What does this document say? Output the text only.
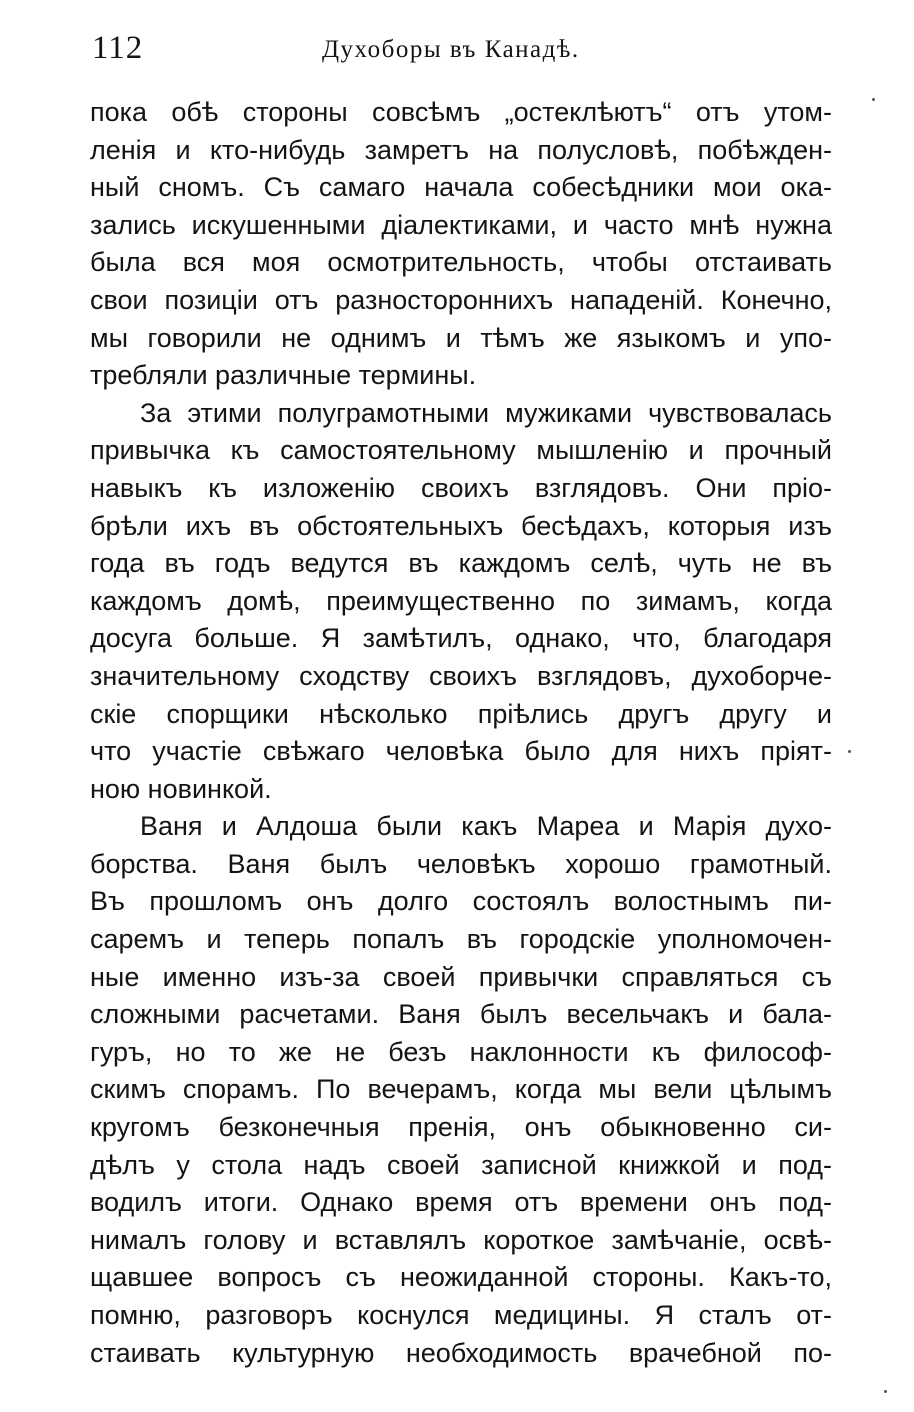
112	Духоборы въ Канадѣ.
пока обѣ стороны совсѣмъ „остеклѣютъ“ отъ утом-
ленія и кто-нибудь замретъ на полусловѣ, побѣжден-
ный сномъ. Съ самаго начала собесѣдники мои ока-
зались искушенными діалектиками, и часто мнѣ нужна
была вся моя осмотрительность, чтобы отстаивать
свои позиціи отъ разностороннихъ нападеній. Конечно,
мы говорили не однимъ и тѣмъ же языкомъ и упо-
требляли различные термины.
За этими полуграмотными мужиками чувствовалась
привычка къ самостоятельному мышленію и прочный
навыкъ къ изложенію своихъ взглядовъ. Они пріо-
брѣли ихъ въ обстоятельныхъ бесѣдахъ, которыя изъ
года въ годъ ведутся въ каждомъ селѣ, чуть не въ
каждомъ домѣ, преимущественно по зимамъ, когда
досуга больше. Я замѣтилъ, однако, что, благодаря
значительному сходству своихъ взглядовъ, духоборче-
скіе спорщики нѣсколько пріѣлись другъ другу и
что участіе свѣжаго человѣка было для нихъ пріят-
ною новинкой.
Ваня и Алдоша были какъ Мареа и Марія духо-
борства. Ваня былъ человѣкъ хорошо грамотный.
Въ прошломъ онъ долго состоялъ волостнымъ пи-
саремъ и теперь попалъ въ городскіе уполномочен-
ные именно изъ-за своей привычки справляться съ
сложными расчетами. Ваня былъ весельчакъ и бала-
гуръ, но то же не безъ наклонности къ философ-
скимъ спорамъ. По вечерамъ, когда мы вели цѣлымъ
кругомъ безконечныя пренія, онъ обыкновенно си-
дѣлъ у стола надъ своей записной книжкой и под-
водилъ итоги. Однако время отъ времени онъ под-
нималъ голову и вставлялъ короткое замѣчаніе, освѣ-
щавшее вопросъ съ неожиданной стороны. Какъ-то,
помню, разговоръ коснулся медицины. Я сталъ от-
стаивать культурную необходимость врачебной по-
